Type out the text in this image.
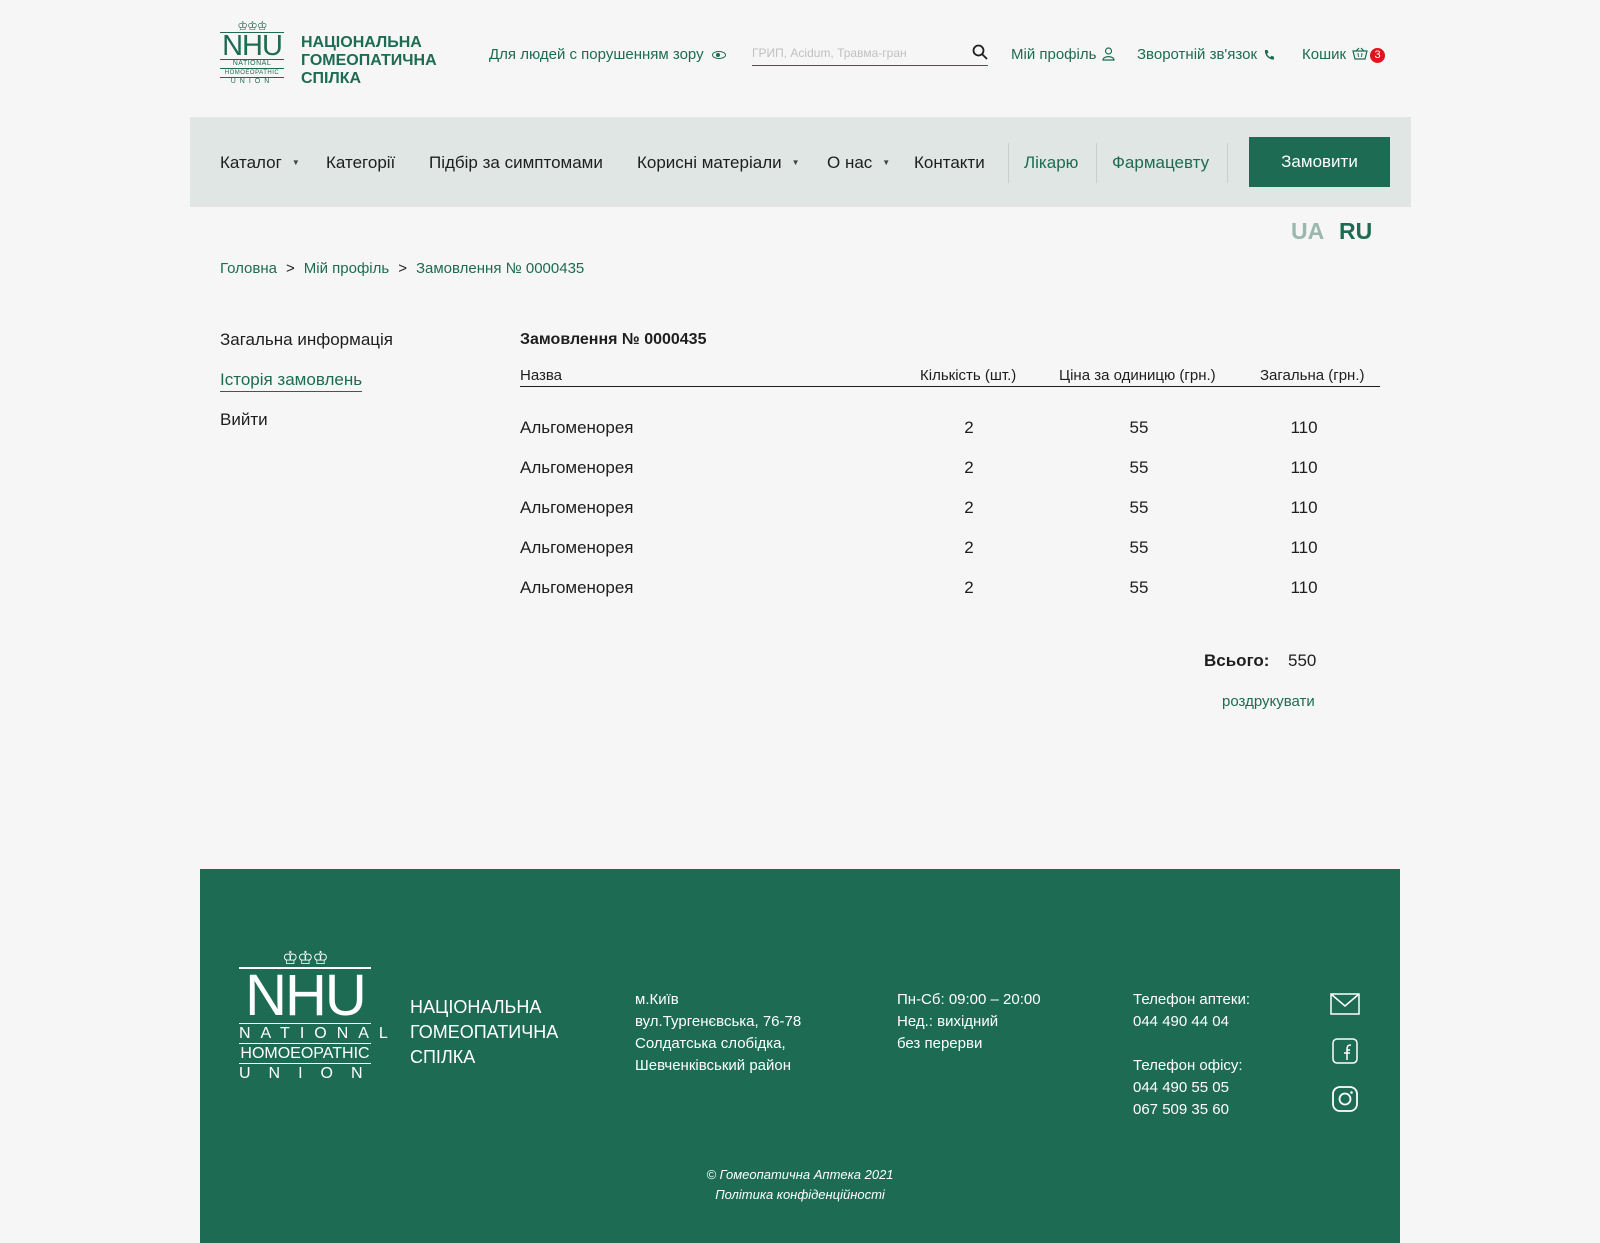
♔♔♔
NHU
NATIONAL
HOMOEOPATHIC
UNION
НАЦІОНАЛЬНА
ГОМЕОПАТИЧНА
СПІЛКА
Для людей с порушенням зору
ГРИП, Acidum, Травма-гран	Мій профіль	Зворотній зв'язок	Кошик	3
Каталог ▼ Категорії Підбір за симптомами Корисні матеріали ▼ О нас ▼ Контакти Лікарю Фармацевту	Замовити
UA RU
Головна > Мій профіль > Замовлення № 0000435
Загальна информація
Історія замовлень
Вийти
Замовлення № 0000435
Назва	Кількість (шт.)	Ціна за одиницю (грн.)	Загальна (грн.)
Альгоменорея	2	55	110
Альгоменорея	2	55	110
Альгоменорея	2	55	110
Альгоменорея	2	55	110
Альгоменорея	2	55	110
Всього: 550
роздрукувати
♔♔♔
NHU
NATIONAL
HOMOEOPATHIC
UNION
НАЦІОНАЛЬНА
ГОМЕОПАТИЧНА
СПІЛКА
м.Київ
вул.Тургенєвська, 76-78
Солдатська слобідка,
Шевченківський район
Пн-Сб: 09:00 – 20:00
Нед.: вихідний
без перерви
Телефон аптеки:
044 490 44 04
Телефон офісу:
044 490 55 05
067 509 35 60
© Гомеопатична Аптека 2021
Політика конфіденційності
